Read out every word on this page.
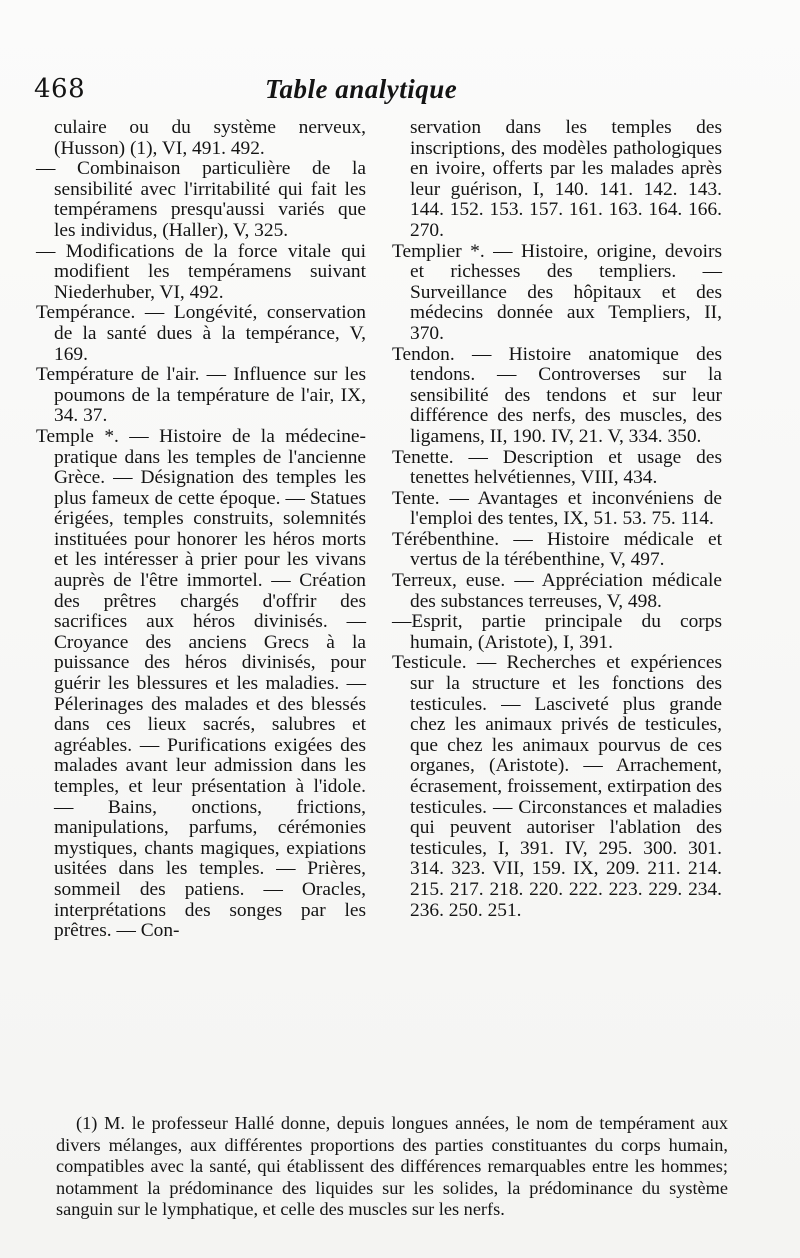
468	Table analytique

culaire ou du système nerveux, (Husson) (1), VI, 491. 492.

— Combinaison particulière de la sensibilité avec l'irritabilité qui fait les tempéramens presqu'aussi variés que les individus, (Haller), V, 325.

— Modifications de la force vitale qui modifient les tempéramens suivant Niederhuber, VI, 492.

Tempérance. — Longévité, conservation de la santé dues à la tempérance, V, 169.

Température de l'air. — Influence sur les poumons de la température de l'air, IX, 34. 37.

Temple *. — Histoire de la médecine-pratique dans les temples de l'ancienne Grèce. — Désignation des temples les plus fameux de cette époque. — Statues érigées, temples construits, solemnités instituées pour honorer les héros morts et les intéresser à prier pour les vivans auprès de l'être immortel. — Création des prêtres chargés d'offrir des sacrifices aux héros divinisés. — Croyance des anciens Grecs à la puissance des héros divinisés, pour guérir les blessures et les maladies. — Pélerinages des malades et des blessés dans ces lieux sacrés, salubres et agréables. — Purifications exigées des malades avant leur admission dans les temples, et leur présentation à l'idole. — Bains, onctions, frictions, manipulations, parfums, cérémonies mystiques, chants magiques, expiations usitées dans les temples. — Prières, sommeil des patiens. — Oracles, interprétations des songes par les prêtres. — Con-

servation dans les temples des inscriptions, des modèles pathologiques en ivoire, offerts par les malades après leur guérison, I, 140. 141. 142. 143. 144. 152. 153. 157. 161. 163. 164. 166. 270.

Templier *. — Histoire, origine, devoirs et richesses des templiers. — Surveillance des hôpitaux et des médecins donnée aux Templiers, II, 370.

Tendon. — Histoire anatomique des tendons. — Controverses sur la sensibilité des tendons et sur leur différence des nerfs, des muscles, des ligamens, II, 190. IV, 21. V, 334. 350.

Tenette. — Description et usage des tenettes helvétiennes, VIII, 434.

Tente. — Avantages et inconvéniens de l'emploi des tentes, IX, 51. 53. 75. 114.

Térébenthine. — Histoire médicale et vertus de la térébenthine, V, 497.

Terreux, euse. — Appréciation médicale des substances terreuses, V, 498.

—Esprit, partie principale du corps humain, (Aristote), I, 391.

Testicule. — Recherches et expériences sur la structure et les fonctions des testicules. — Lasciveté plus grande chez les animaux privés de testicules, que chez les animaux pourvus de ces organes, (Aristote). — Arrachement, écrasement, froissement, extirpation des testicules. — Circonstances et maladies qui peuvent autoriser l'ablation des testicules, I, 391. IV, 295. 300. 301. 314. 323. VII, 159. IX, 209. 211. 214. 215. 217. 218. 220. 222. 223. 229. 234. 236. 250. 251.

(1) M. le professeur Hallé donne, depuis longues années, le nom de tempérament aux divers mélanges, aux différentes proportions des parties constituantes du corps humain, compatibles avec la santé, qui établissent des différences remarquables entre les hommes; notamment la prédominance des liquides sur les solides, la prédominance du système sanguin sur le lymphatique, et celle des muscles sur les nerfs.
